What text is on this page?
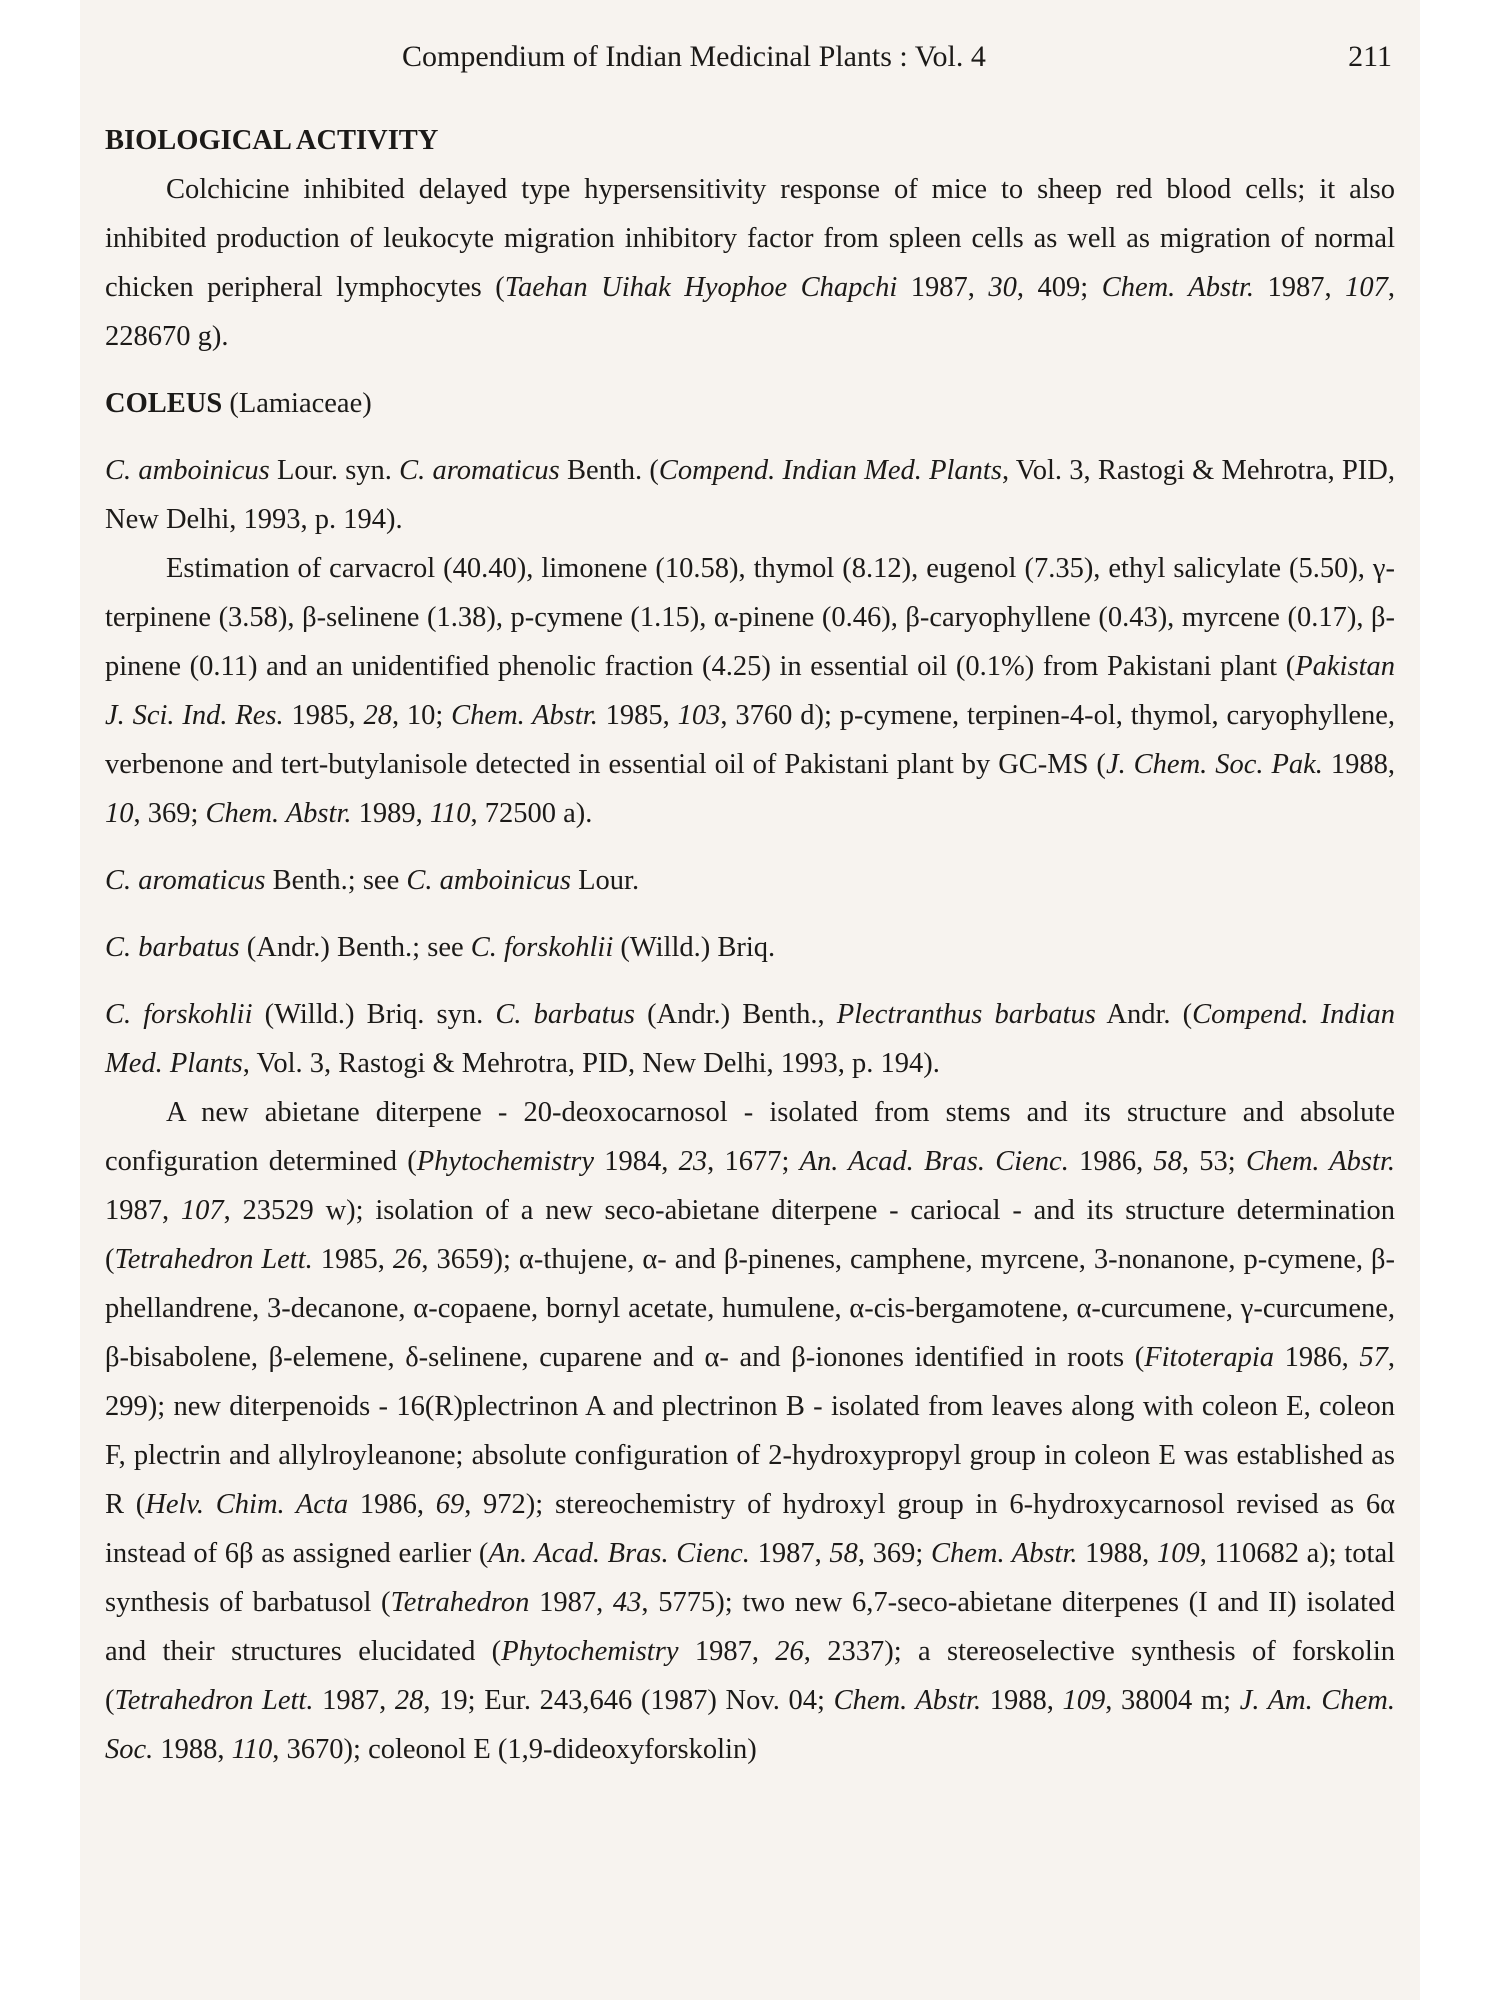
Compendium of Indian Medicinal Plants : Vol. 4	211
BIOLOGICAL ACTIVITY

Colchicine inhibited delayed type hypersensitivity response of mice to sheep red blood cells; it also inhibited production of leukocyte migration inhibitory factor from spleen cells as well as migration of normal chicken peripheral lymphocytes (Taehan Uihak Hyophoe Chapchi 1987, 30, 409; Chem. Abstr. 1987, 107, 228670 g).

COLEUS (Lamiaceae)

C. amboinicus Lour. syn. C. aromaticus Benth. (Compend. Indian Med. Plants, Vol. 3, Rastogi & Mehrotra, PID, New Delhi, 1993, p. 194).

Estimation of carvacrol (40.40), limonene (10.58), thymol (8.12), eugenol (7.35), ethyl salicylate (5.50), γ-terpinene (3.58), β-selinene (1.38), p-cymene (1.15), α-pinene (0.46), β-caryophyllene (0.43), myrcene (0.17), β-pinene (0.11) and an unidentified phenolic fraction (4.25) in essential oil (0.1%) from Pakistani plant (Pakistan J. Sci. Ind. Res. 1985, 28, 10; Chem. Abstr. 1985, 103, 3760 d); p-cymene, terpinen-4-ol, thymol, caryophyllene, verbenone and tert-butylanisole detected in essential oil of Pakistani plant by GC-MS (J. Chem. Soc. Pak. 1988, 10, 369; Chem. Abstr. 1989, 110, 72500 a).

C. aromaticus Benth.; see C. amboinicus Lour.

C. barbatus (Andr.) Benth.; see C. forskohlii (Willd.) Briq.

C. forskohlii (Willd.) Briq. syn. C. barbatus (Andr.) Benth., Plectranthus barbatus Andr. (Compend. Indian Med. Plants, Vol. 3, Rastogi & Mehrotra, PID, New Delhi, 1993, p. 194).

A new abietane diterpene - 20-deoxocarnosol - isolated from stems and its structure and absolute configuration determined (Phytochemistry 1984, 23, 1677; An. Acad. Bras. Cienc. 1986, 58, 53; Chem. Abstr. 1987, 107, 23529 w); isolation of a new seco-abietane diterpene - cariocal - and its structure determination (Tetrahedron Lett. 1985, 26, 3659); α-thujene, α- and β-pinenes, camphene, myrcene, 3-nonanone, p-cymene, β-phellandrene, 3-decanone, α-copaene, bornyl acetate, humulene, α-cis-bergamotene, α-curcumene, γ-curcumene, β-bisabolene, β-elemene, δ-selinene, cuparene and α- and β-ionones identified in roots (Fitoterapia 1986, 57, 299); new diterpenoids - 16(R)plectrinon A and plectrinon B - isolated from leaves along with coleon E, coleon F, plectrin and allylroyleanone; absolute configuration of 2-hydroxypropyl group in coleon E was established as R (Helv. Chim. Acta 1986, 69, 972); stereochemistry of hydroxyl group in 6-hydroxycarnosol revised as 6α instead of 6β as assigned earlier (An. Acad. Bras. Cienc. 1987, 58, 369; Chem. Abstr. 1988, 109, 110682 a); total synthesis of barbatusol (Tetrahedron 1987, 43, 5775); two new 6,7-seco-abietane diterpenes (I and II) isolated and their structures elucidated (Phytochemistry 1987, 26, 2337); a stereoselective synthesis of forskolin (Tetrahedron Lett. 1987, 28, 19; Eur. 243,646 (1987) Nov. 04; Chem. Abstr. 1988, 109, 38004 m; J. Am. Chem. Soc. 1988, 110, 3670); coleonol E (1,9-dideoxyforskolin)
